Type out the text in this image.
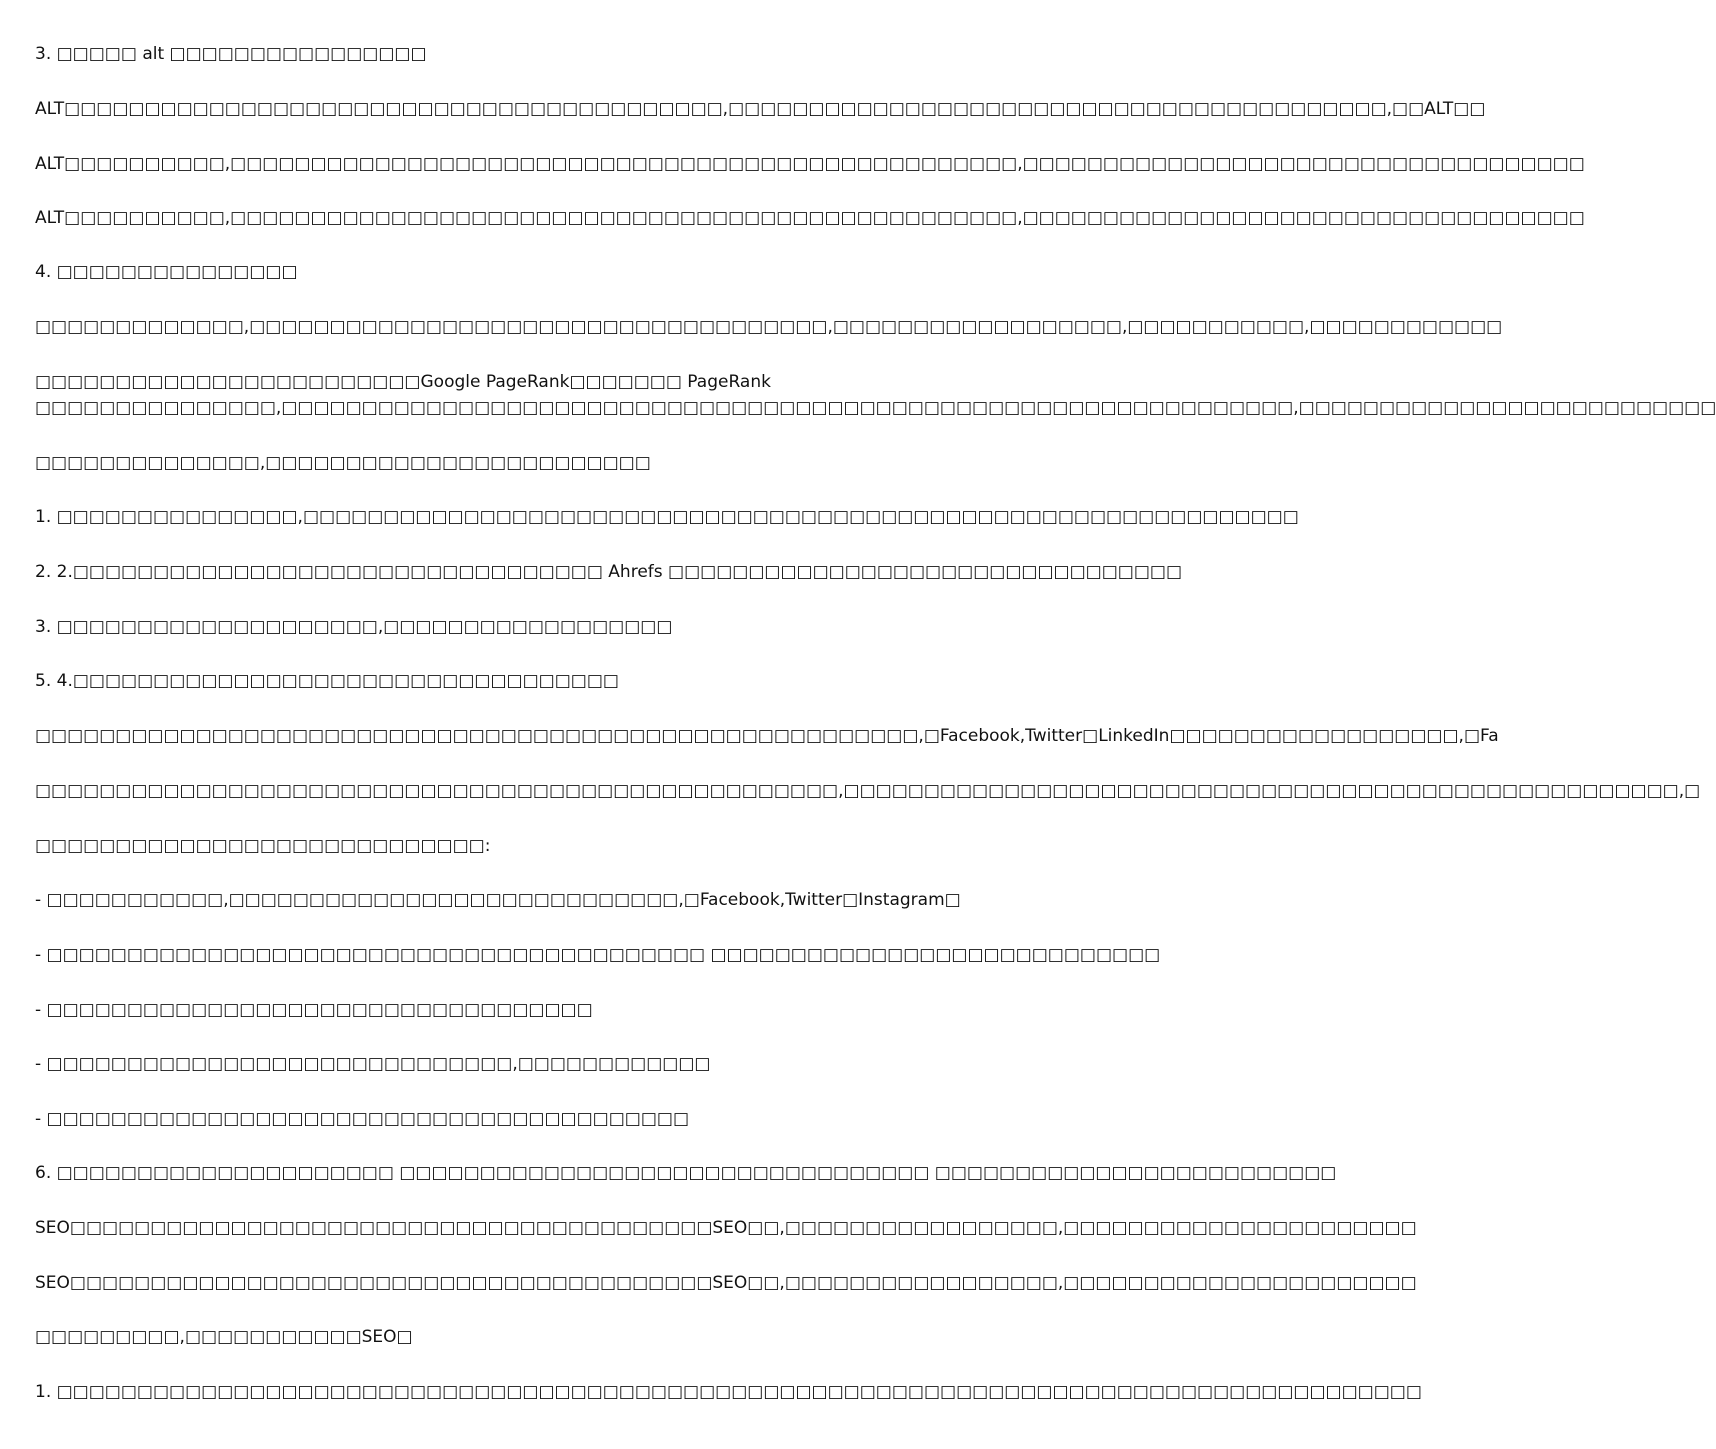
3. □□□□□ alt □□□□□□□□□□□□□□□□

ALT□□□□□□□□□□□□□□□□□□□□□□□□□□□□□□□□□□□□□□□□□,□□□□□□□□□□□□□□□□□□□□□□□□□□□□□□□□□□□□□□□□□,□□ALT□□

ALT□□□□□□□□□□,□□□□□□□□□□□□□□□□□□□□□□□□□□□□□□□□□□□□□□□□□□□□□□□□□,□□□□□□□□□□□□□□□□□□□□□□□□□□□□□□□□□□□

ALT□□□□□□□□□□,□□□□□□□□□□□□□□□□□□□□□□□□□□□□□□□□□□□□□□□□□□□□□□□□□,□□□□□□□□□□□□□□□□□□□□□□□□□□□□□□□□□□□

4. □□□□□□□□□□□□□□□

□□□□□□□□□□□□□,□□□□□□□□□□□□□□□□□□□□□□□□□□□□□□□□□□□□,□□□□□□□□□□□□□□□□□□,□□□□□□□□□□□,□□□□□□□□□□□□

□□□□□□□□□□□□□□□□□□□□□□□□Google PageRank□□□□□□□ PageRank

□□□□□□□□□□□□□□□,□□□□□□□□□□□□□□□□□□□□□□□□□□□□□□□□□□□□□□□□□□□□□□□□□□□□□□□□□□□□□□□,□□□□□□□□□□□□□□□□□□□□□□□□□□

□□□□□□□□□□□□□□,□□□□□□□□□□□□□□□□□□□□□□□□

1. □□□□□□□□□□□□□□□,□□□□□□□□□□□□□□□□□□□□□□□□□□□□□□□□□□□□□□□□□□□□□□□□□□□□□□□□□□□□□□

2. 2.□□□□□□□□□□□□□□□□□□□□□□□□□□□□□□□□□ Ahrefs □□□□□□□□□□□□□□□□□□□□□□□□□□□□□□□□

3. □□□□□□□□□□□□□□□□□□□□,□□□□□□□□□□□□□□□□□□

5. 4.□□□□□□□□□□□□□□□□□□□□□□□□□□□□□□□□□□

□□□□□□□□□□□□□□□□□□□□□□□□□□□□□□□□□□□□□□□□□□□□□□□□□□□□□□□,□Facebook,Twitter□LinkedIn□□□□□□□□□□□□□□□□□□,□Fa

□□□□□□□□□□□□□□□□□□□□□□□□□□□□□□□□□□□□□□□□□□□□□□□□□□,□□□□□□□□□□□□□□□□□□□□□□□□□□□□□□□□□□□□□□□□□□□□□□□□□□□□,□

□□□□□□□□□□□□□□□□□□□□□□□□□□□□:

- □□□□□□□□□□□,□□□□□□□□□□□□□□□□□□□□□□□□□□□□,□Facebook,Twitter□Instagram□

- □□□□□□□□□□□□□□□□□□□□□□□□□□□□□□□□□□□□□□□□□ □□□□□□□□□□□□□□□□□□□□□□□□□□□□

- □□□□□□□□□□□□□□□□□□□□□□□□□□□□□□□□□□

- □□□□□□□□□□□□□□□□□□□□□□□□□□□□□,□□□□□□□□□□□□

- □□□□□□□□□□□□□□□□□□□□□□□□□□□□□□□□□□□□□□□□

6. □□□□□□□□□□□□□□□□□□□□□ □□□□□□□□□□□□□□□□□□□□□□□□□□□□□□□□□ □□□□□□□□□□□□□□□□□□□□□□□□□

SEO□□□□□□□□□□□□□□□□□□□□□□□□□□□□□□□□□□□□□□□□SEO□□,□□□□□□□□□□□□□□□□□,□□□□□□□□□□□□□□□□□□□□□□

SEO□□□□□□□□□□□□□□□□□□□□□□□□□□□□□□□□□□□□□□□□SEO□□,□□□□□□□□□□□□□□□□□,□□□□□□□□□□□□□□□□□□□□□□

□□□□□□□□□,□□□□□□□□□□□SEO□

1. □□□□□□□□□□□□□□□□□□□□□□□□□□□□□□□□□□□□□□□□□□□□□□□□□□□□□□□□□□□□□□□□□□□□□□□□□□□□□□□□□□□□□
